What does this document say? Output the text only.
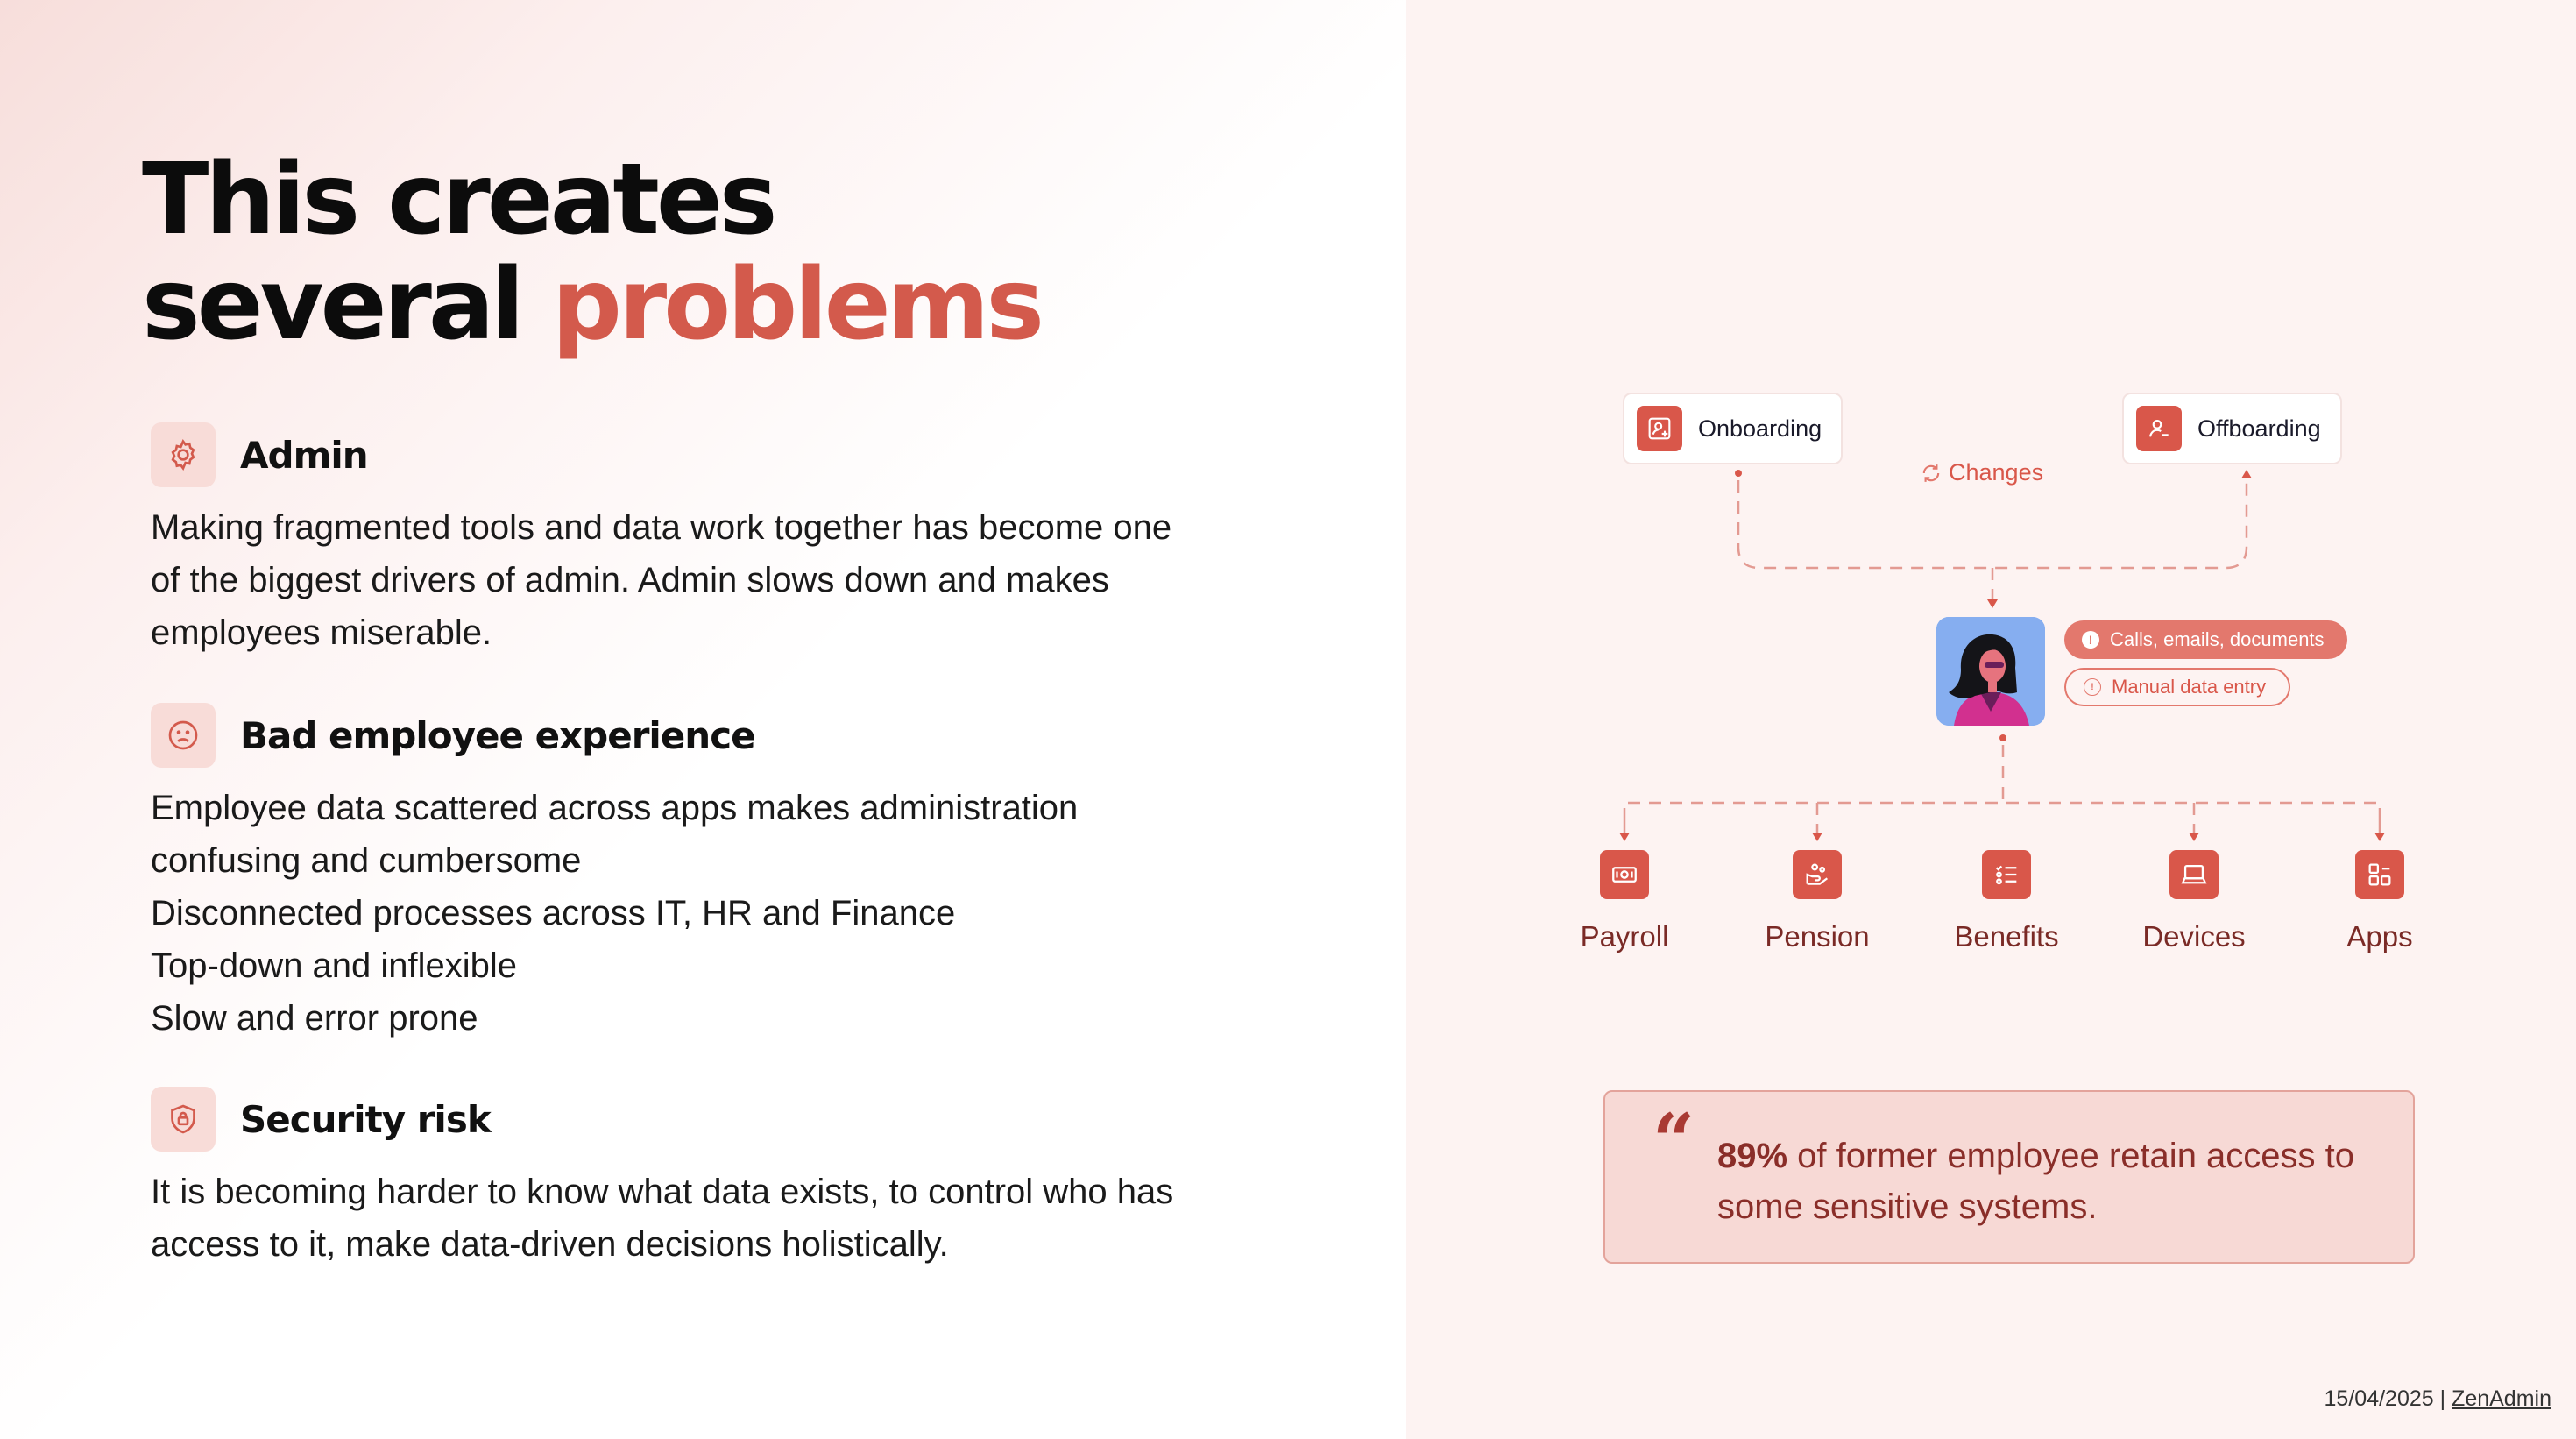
This creates
several problems
Admin
Making fragmented tools and data work together has become one
of the biggest drivers of admin. Admin slows down and makes
employees miserable.
Bad employee experience
Employee data scattered across apps makes administration
confusing and cumbersome
Disconnected processes across IT, HR and Finance
Top-down and inflexible
Slow and error prone
Security risk
It is becoming harder to know what data exists, to control who has
access to it, make data-driven decisions holistically.
Onboarding	Offboarding
Changes
! Calls, emails, documents
! Manual data entry
Payroll	Pension	Benefits	Devices	Apps
“ 89% of former employee retain access to some sensitive systems.
15/04/2025 | ZenAdmin
